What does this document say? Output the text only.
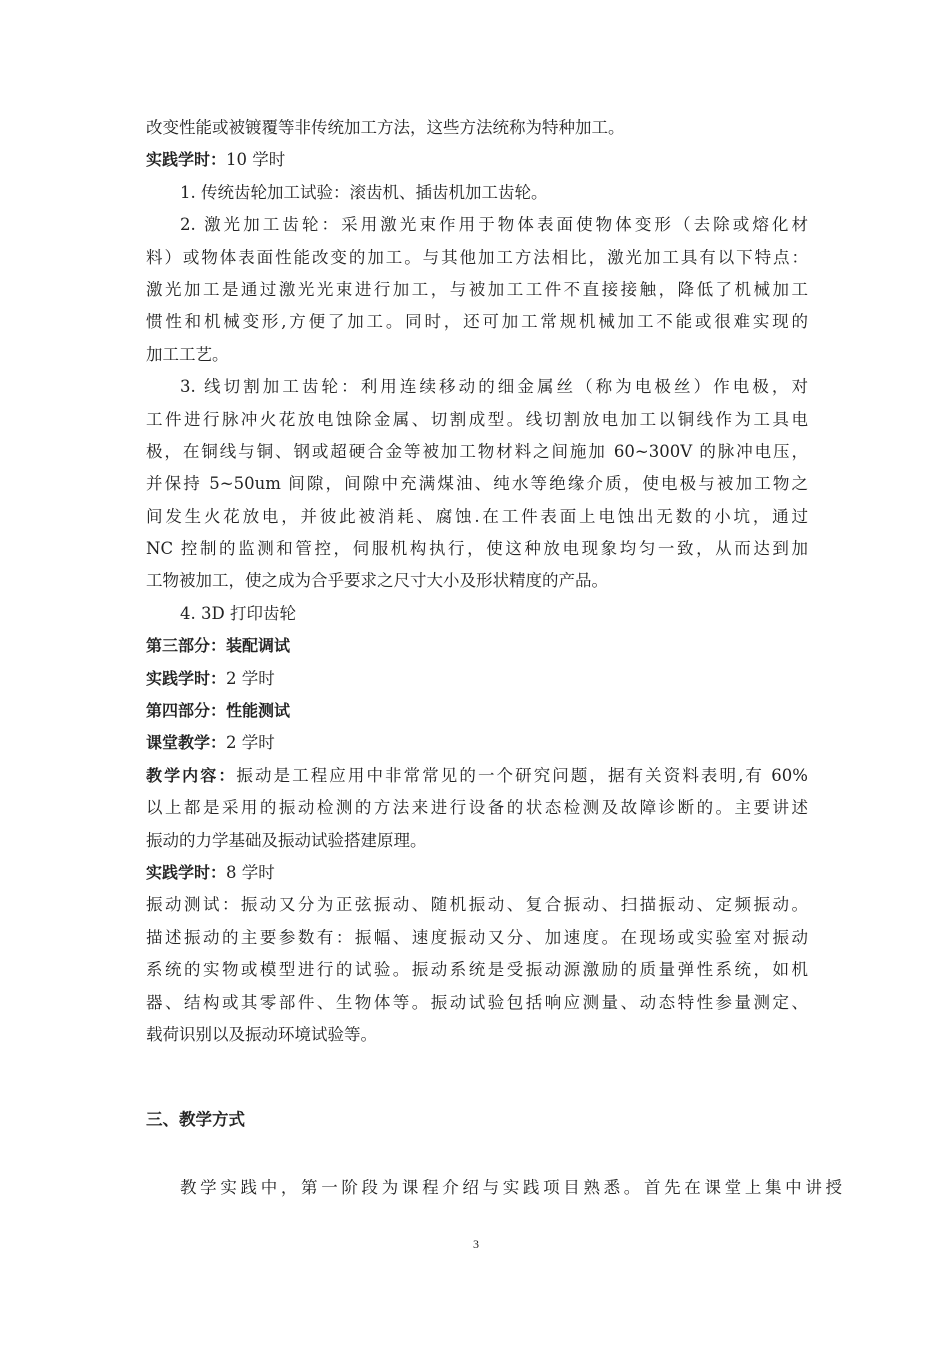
改变性能或被镀覆等非传统加工方法，这些方法统称为特种加工。
实践学时：10 学时
1. 传统齿轮加工试验：滚齿机、插齿机加工齿轮。
2. 激光加工齿轮：采用激光束作用于物体表面使物体变形（去除或熔化材
料）或物体表面性能改变的加工。与其他加工方法相比，激光加工具有以下特点：
激光加工是通过激光光束进行加工，与被加工工件不直接接触，降低了机械加工
惯性和机械变形,方便了加工。同时，还可加工常规机械加工不能或很难实现的
加工工艺。
3. 线切割加工齿轮：利用连续移动的细金属丝（称为电极丝）作电极，对
工件进行脉冲火花放电蚀除金属、切割成型。线切割放电加工以铜线作为工具电
极，在铜线与铜、钢或超硬合金等被加工物材料之间施加 60~300V 的脉冲电压，
并保持 5~50um 间隙，间隙中充满煤油、纯水等绝缘介质，使电极与被加工物之
间发生火花放电，并彼此被消耗、腐蚀.在工件表面上电蚀出无数的小坑，通过
NC 控制的监测和管控，伺服机构执行，使这种放电现象均匀一致，从而达到加
工物被加工，使之成为合乎要求之尺寸大小及形状精度的产品。
4. 3D 打印齿轮
第三部分：装配调试
实践学时：2 学时
第四部分：性能测试
课堂教学：2 学时
教学内容：振动是工程应用中非常常见的一个研究问题，据有关资料表明,有 60%
以上都是采用的振动检测的方法来进行设备的状态检测及故障诊断的。主要讲述
振动的力学基础及振动试验搭建原理。
实践学时：8 学时
振动测试：振动又分为正弦振动、随机振动、复合振动、扫描振动、定频振动。
描述振动的主要参数有：振幅、速度振动又分、加速度。在现场或实验室对振动
系统的实物或模型进行的试验。振动系统是受振动源激励的质量弹性系统，如机
器、结构或其零部件、生物体等。振动试验包括响应测量、动态特性参量测定、
载荷识别以及振动环境试验等。
三、教学方式
教学实践中，第一阶段为课程介绍与实践项目熟悉。首先在课堂上集中讲授
3
